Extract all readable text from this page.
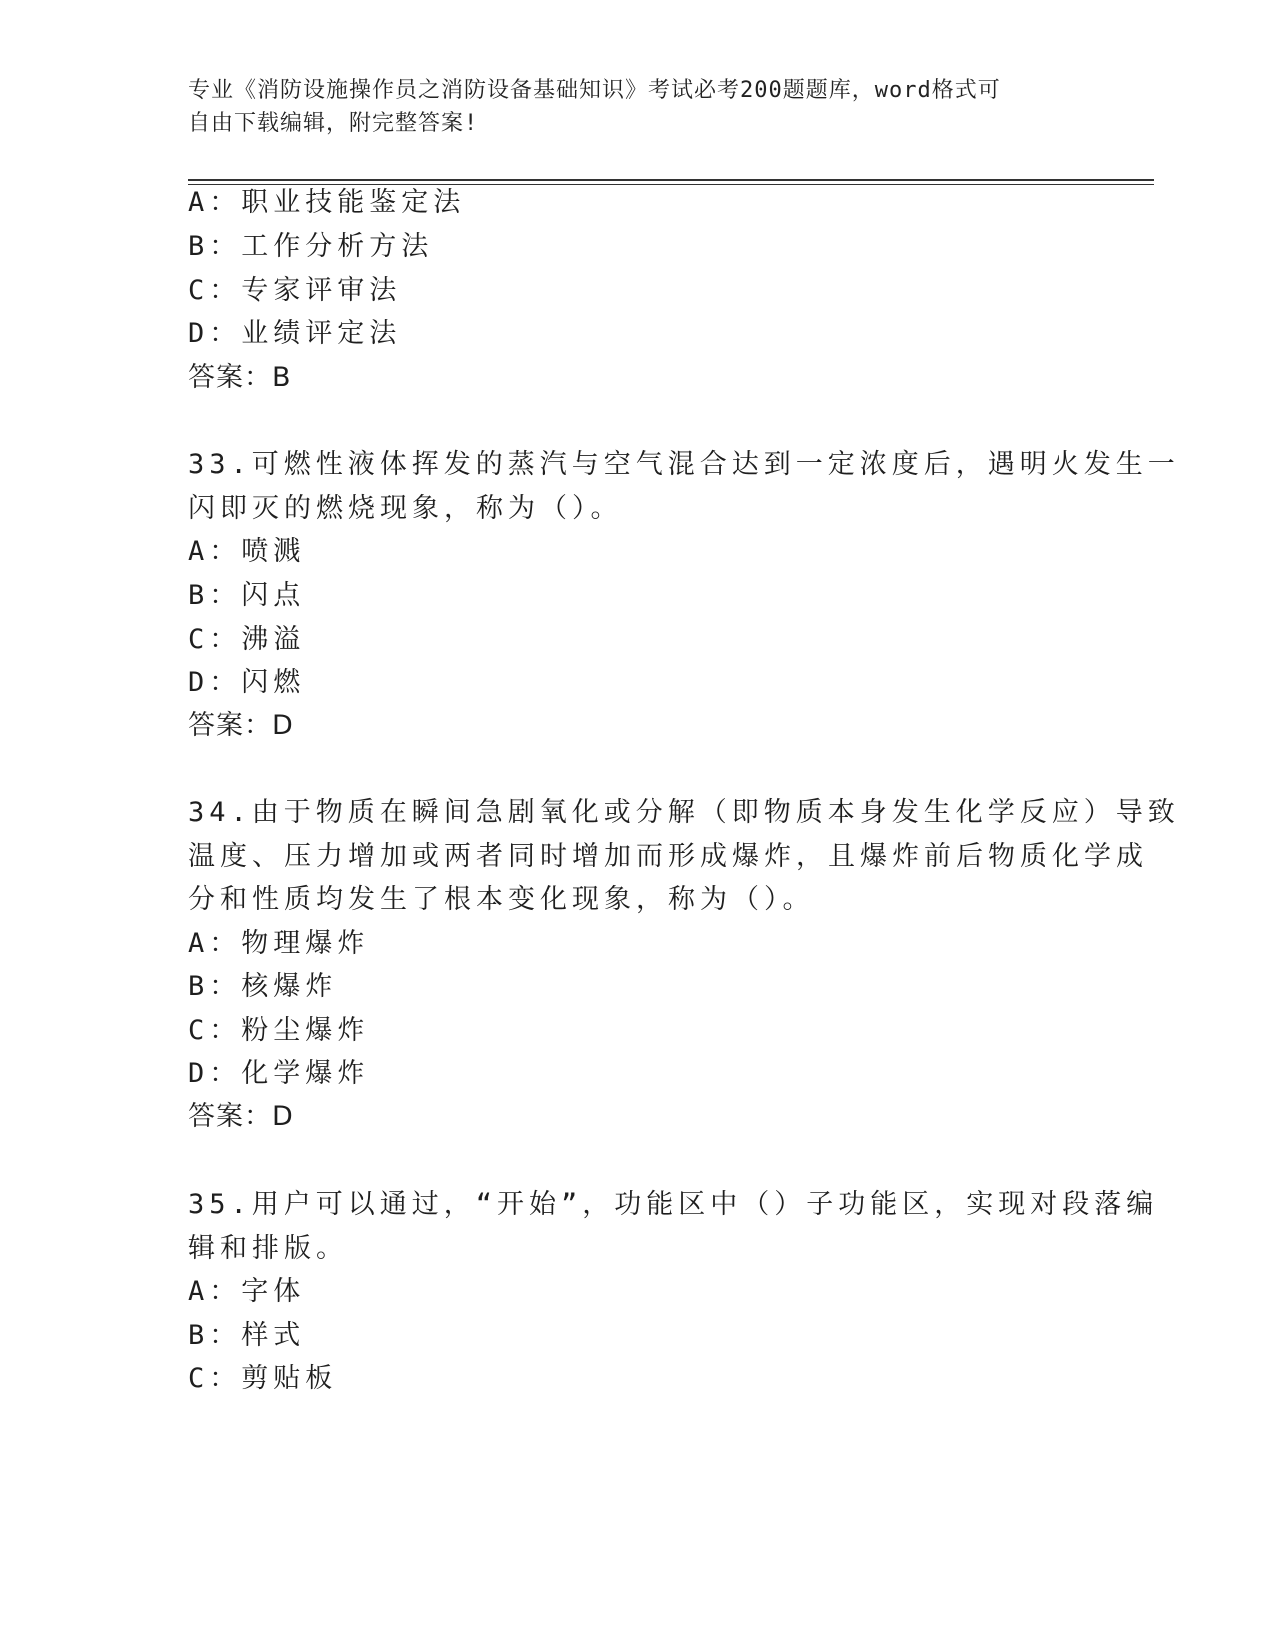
专业《消防设施操作员之消防设备基础知识》考试必考200题题库，word格式可
自由下载编辑，附完整答案!
A：职业技能鉴定法
B：工作分析方法
C：专家评审法
D：业绩评定法
答案：B
33.可燃性液体挥发的蒸汽与空气混合达到一定浓度后，遇明火发生一
闪即灭的燃烧现象，称为（）。
A：喷溅
B：闪点
C：沸溢
D：闪燃
答案：D
34.由于物质在瞬间急剧氧化或分解（即物质本身发生化学反应）导致
温度、压力增加或两者同时增加而形成爆炸，且爆炸前后物质化学成
分和性质均发生了根本变化现象，称为（）。
A：物理爆炸
B：核爆炸
C：粉尘爆炸
D：化学爆炸
答案：D
35.用户可以通过，“开始”，功能区中（）子功能区，实现对段落编
辑和排版。
A：字体
B：样式
C：剪贴板
